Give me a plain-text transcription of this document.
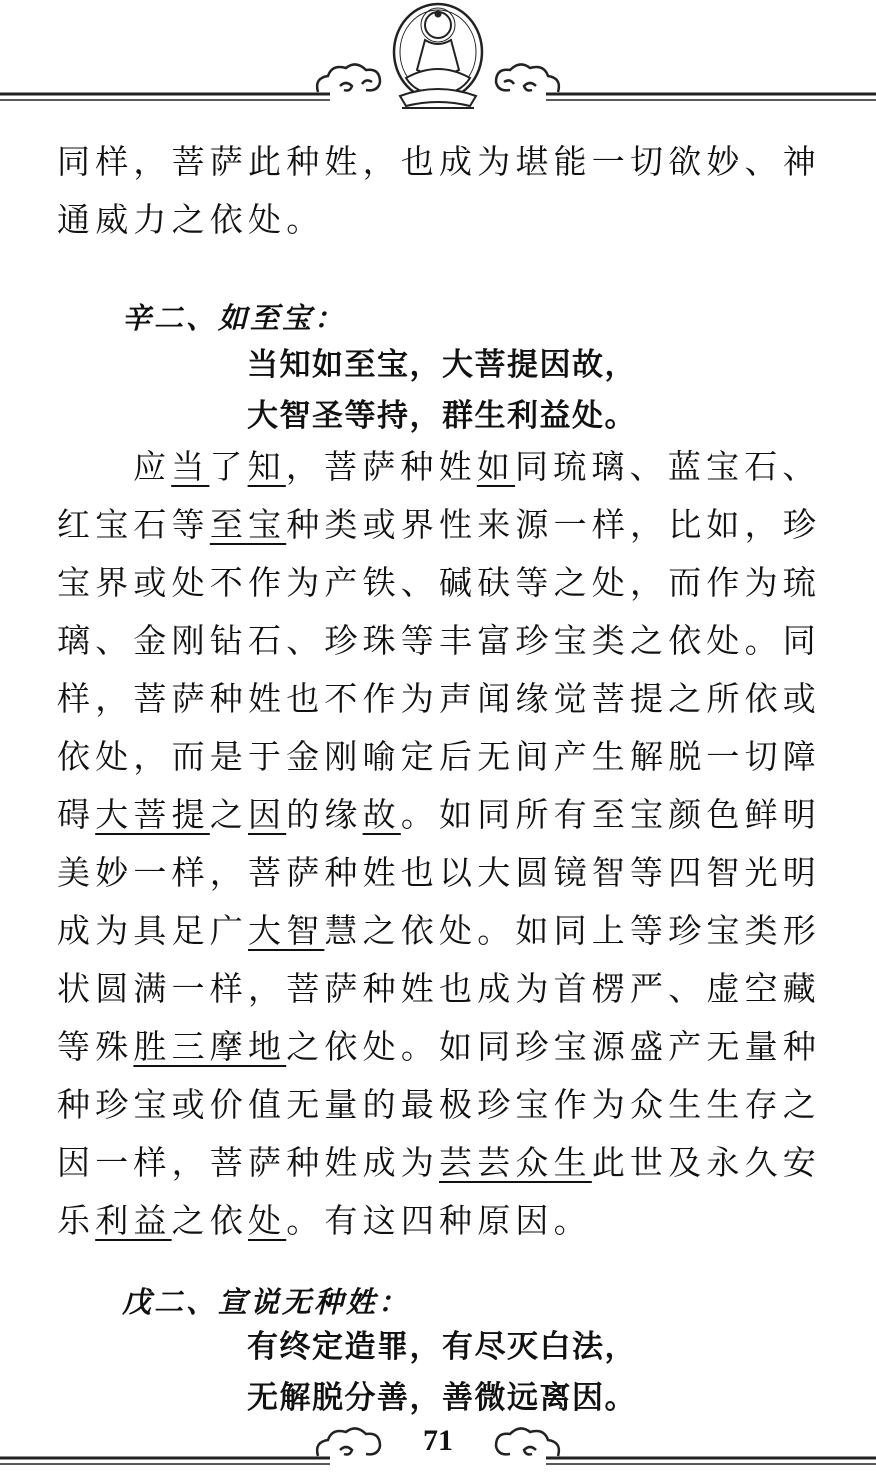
同样，菩萨此种姓，也成为堪能一切欲妙、神
通威力之依处。
辛二、如至宝：
当知如至宝，大菩提因故，
大智圣等持，群生利益处。
应当了知，菩萨种姓如同琉璃、蓝宝石、
红宝石等至宝种类或界性来源一样，比如，珍
宝界或处不作为产铁、碱砆等之处，而作为琉
璃、金刚钻石、珍珠等丰富珍宝类之依处。同
样，菩萨种姓也不作为声闻缘觉菩提之所依或
依处，而是于金刚喻定后无间产生解脱一切障
碍大菩提之因的缘故。如同所有至宝颜色鲜明
美妙一样，菩萨种姓也以大圆镜智等四智光明
成为具足广大智慧之依处。如同上等珍宝类形
状圆满一样，菩萨种姓也成为首楞严、虚空藏
等殊胜三摩地之依处。如同珍宝源盛产无量种
种珍宝或价值无量的最极珍宝作为众生生存之
因一样，菩萨种姓成为芸芸众生此世及永久安
乐利益之依处。有这四种原因。
戊二、宣说无种姓：
有终定造罪，有尽灭白法，
无解脱分善，善微远离因。
71
